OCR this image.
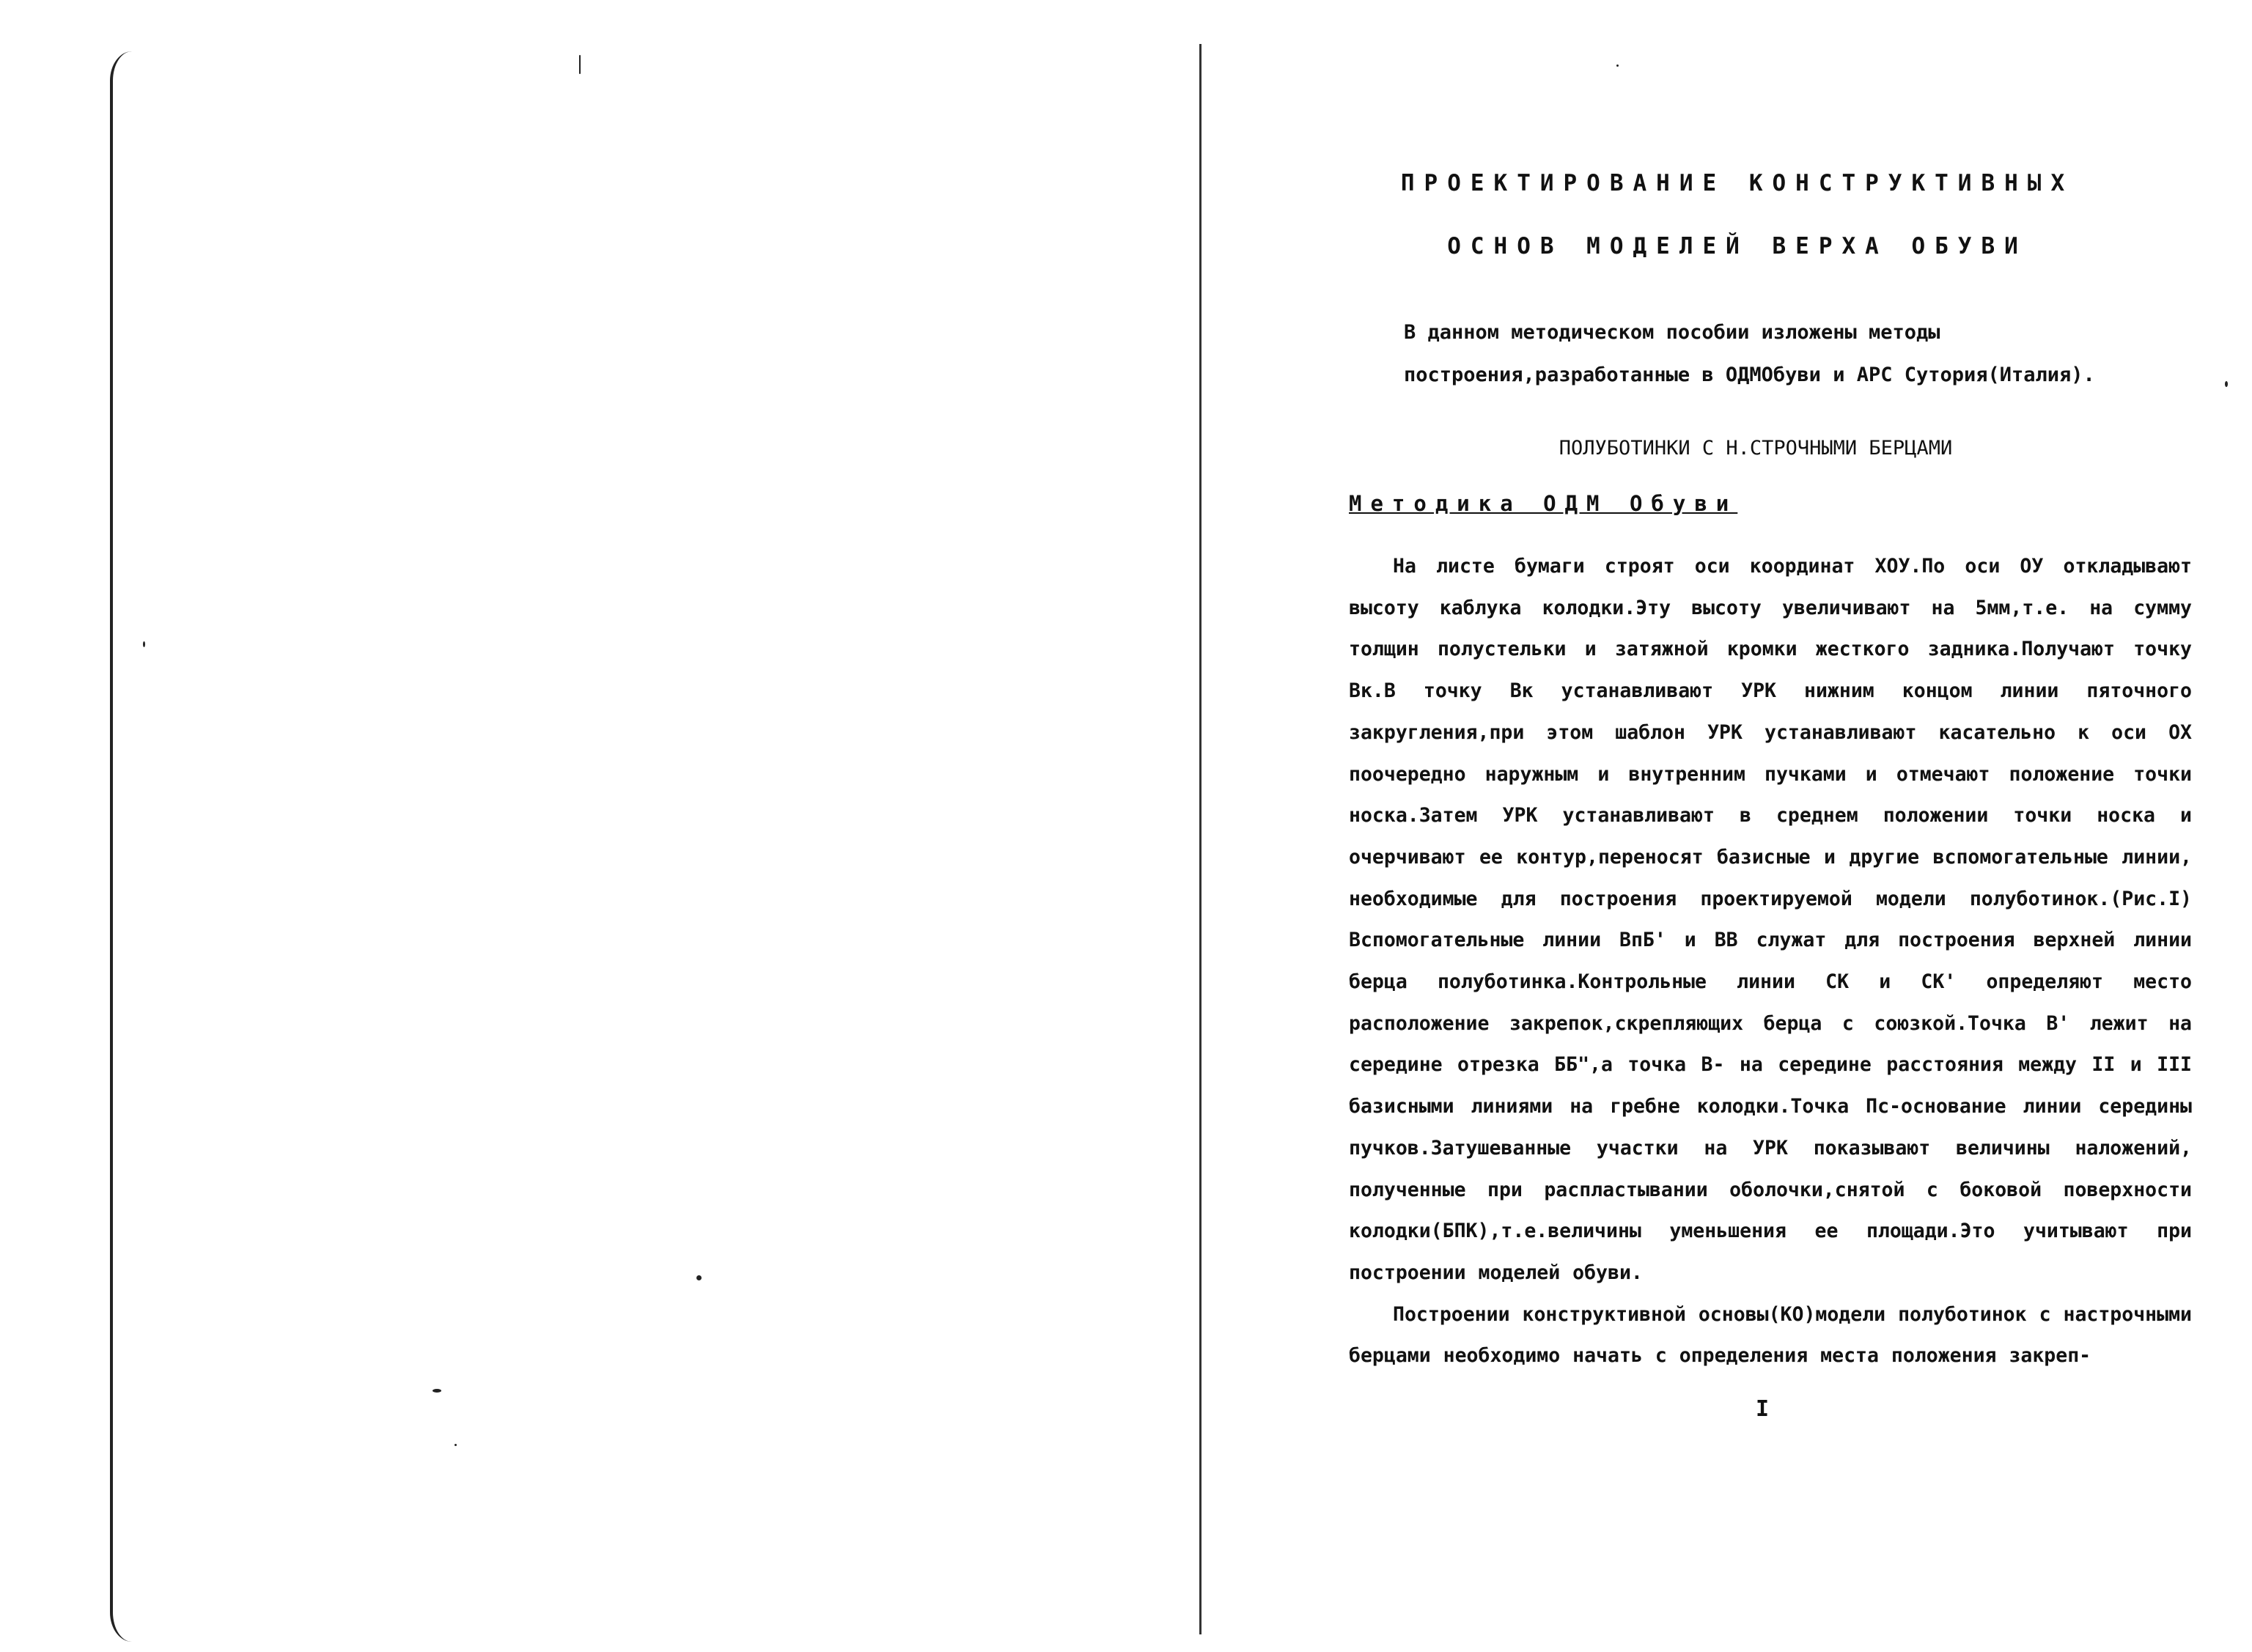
ПРОЕКТИРОВАНИЕ КОНСТРУКТИВНЫХ
ОСНОВ МОДЕЛЕЙ ВЕРХА ОБУВИ
В данном методическом пособии изложены методы построения,разработанные в ОДМОбуви и АРС Сутория(Италия).
ПОЛУБОТИНКИ С Н.СТРОЧНЫМИ БЕРЦАМИ
Методика ОДМ Обуви

На листе бумаги строят оси координат ХОУ.По оси ОУ откладывают высоту каблука колодки.Эту высоту увеличивают на 5мм,т.е. на сумму толщин полустельки и затяжной кромки жесткого задника.Получают точку Вк.В точку Вк устанавливают УРК нижним концом линии пяточного закругления,при этом шаблон УРК устанавливают касательно к оси ОХ поочередно наружным и внутренним пучками и отмечают положение точки носка.Затем УРК устанавливают в среднем положении точки носка и очерчивают ее контур,переносят базисные и другие вспомогательные линии, необходимые для построения проектируемой модели полуботинок.(Рис.I) Вспомогательные линии ВпБ' и ВВ служат для построения верхней линии берца полуботинка.Контрольные линии СК и СК' определяют место расположение закрепок,скрепляющих берца с союзкой.Точка В' лежит на середине отрезка ББ",а точка В- на середине расстояния между II и III базисными линиями на гребне колодки.Точка Пс-основание линии середины пучков.Затушеванные участки на УРК показывают величины наложений, полученные при распластывании оболочки,снятой с боковой поверхности колодки(БПК),т.е.величины уменьшения ее площади.Это учитывают при построении моделей обуви.

Построении конструктивной основы(КО)модели полуботинок с настрочными берцами необходимо начать с определения места положения закреп-

I
